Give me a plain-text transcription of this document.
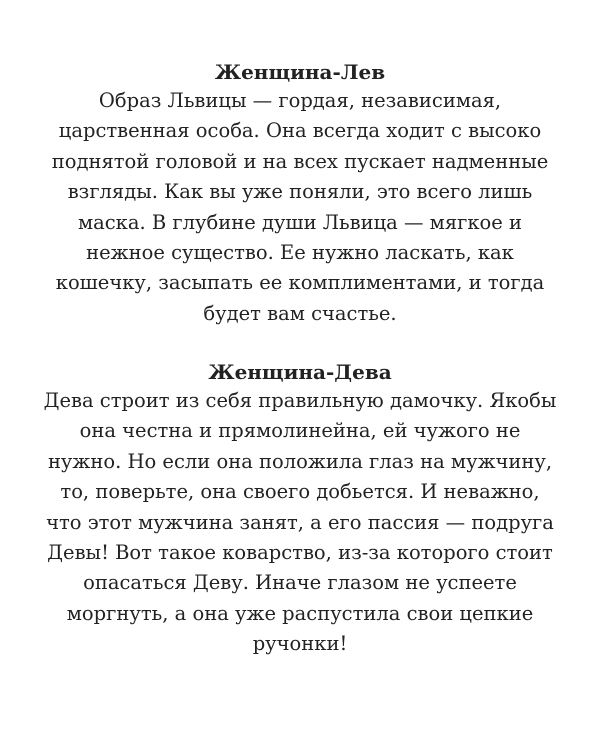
Женщина-Лев
Образ Львицы — гордая, независимая,
царственная особа. Она всегда ходит с высоко
поднятой головой и на всех пускает надменные
взгляды. Как вы уже поняли, это всего лишь
маска. В глубине души Львица — мягкое и
нежное существо. Ее нужно ласкать, как
кошечку, засыпать ее комплиментами, и тогда
будет вам счастье.
Женщина-Дева
Дева строит из себя правильную дамочку. Якобы
она честна и прямолинейна, ей чужого не
нужно. Но если она положила глаз на мужчину,
то, поверьте, она своего добьется. И неважно,
что этот мужчина занят, а его пассия — подруга
Девы! Вот такое коварство, из-за которого стоит
опасаться Деву. Иначе глазом не успеете
моргнуть, а она уже распустила свои цепкие
ручонки!
